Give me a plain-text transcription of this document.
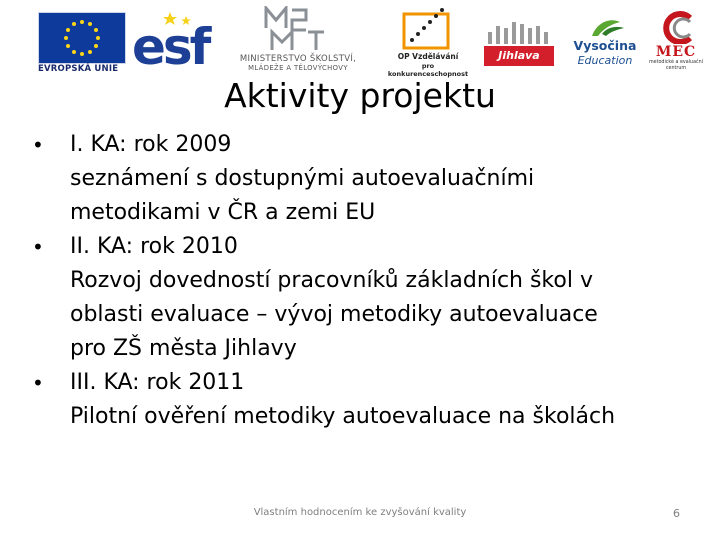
EVROPSKÁ UNIE esf	MINISTERSTVO ŠKOLSTVÍ,
MLÁDEŽE A TĚLOVÝCHOVY
OP Vzdělávání
pro konkurenceschopnost
Jihlava
Vysočina
Education
MEC
metodické a evaluační centrum
Aktivity projektu
•	I. KA: rok 2009
seznámení s dostupnými autoevaluačními
metodikami v ČR a zemi EU
•	II. KA: rok 2010
Rozvoj dovedností pracovníků základních škol v
oblasti evaluace – vývoj metodiky autoevaluace
pro ZŠ města Jihlavy
•	III. KA: rok 2011
Pilotní ověření metodiky autoevaluace na školách
Vlastním hodnocením ke zvyšování kvality	6
